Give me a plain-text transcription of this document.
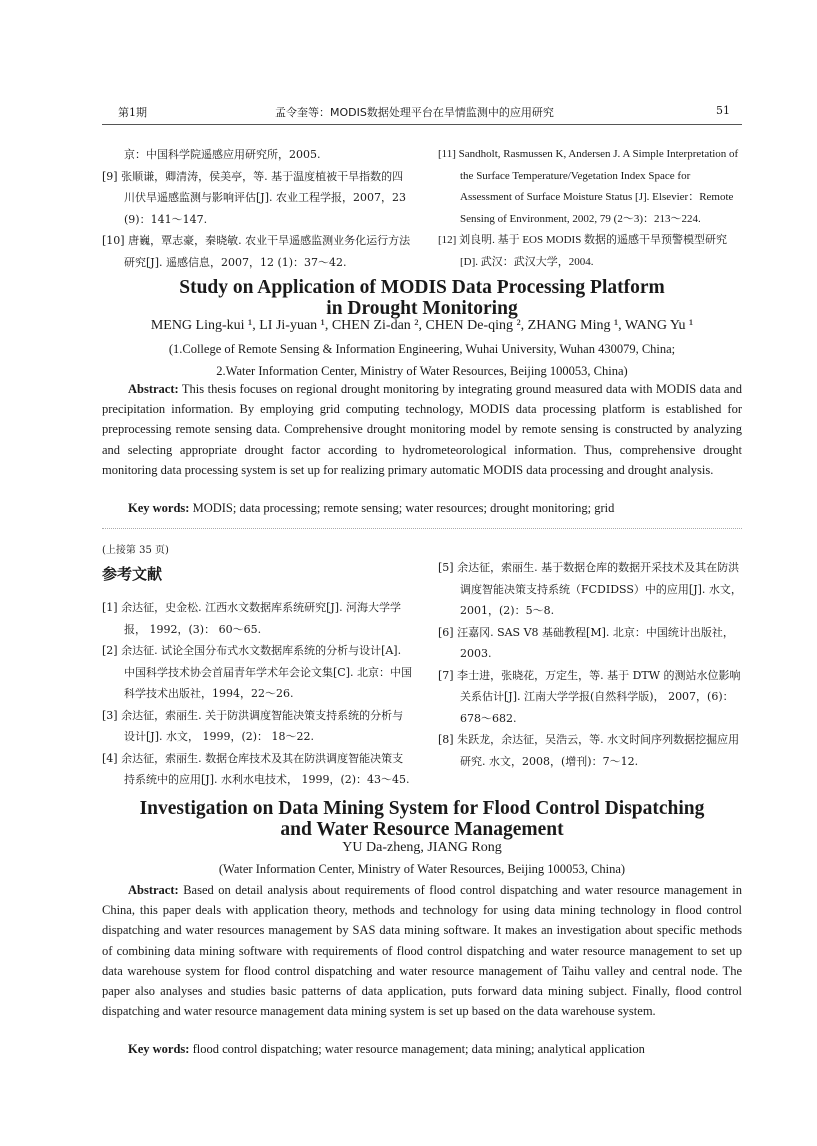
第1期	孟令奎等：MODIS数据处理平台在旱情监测中的应用研究	51

京：中国科学院遥感应用研究所，2005.

[9] 张顺谦，卿清涛，侯美亭，等. 基于温度植被干旱指数的四川伏旱遥感监测与影响评估[J]. 农业工程学报，2007，23 (9)：141～147.

[10] 唐巍，覃志豪，秦晓敏. 农业干旱遥感监测业务化运行方法研究[J]. 遥感信息，2007，12 (1)：37～42.

[11] Sandholt, Rasmussen K, Andersen J. A Simple Interpretation of the Surface Temperature/Vegetation Index Space for Assessment of Surface Moisture Status [J]. Elsevier：Remote Sensing of Environment, 2002, 79 (2～3)：213～224.

[12] 刘良明. 基于 EOS MODIS 数据的遥感干旱预警模型研究[D]. 武汉：武汉大学，2004.

Study on Application of MODIS Data Processing Platform
in Drought Monitoring
MENG Ling-kui ¹, LI Ji-yuan ¹, CHEN Zi-dan ², CHEN De-qing ², ZHANG Ming ¹, WANG Yu ¹
(1.College of Remote Sensing & Information Engineering, Wuhai University, Wuhan 430079, China;
2.Water Information Center, Ministry of Water Resources, Beijing 100053, China)

Abstract: This thesis focuses on regional drought monitoring by integrating ground measured data with MODIS data and precipitation information. By employing grid computing technology, MODIS data processing platform is established for preprocessing remote sensing data. Comprehensive drought monitoring model by remote sensing is constructed by analyzing and selecting appropriate drought factor according to hydrometeorological information. Thus, comprehensive drought monitoring data processing system is set up for realizing primary automatic MODIS data processing and drought analysis.

Key words: MODIS; data processing; remote sensing; water resources; drought monitoring; grid
(上接第 35 页)
参考文献

[1] 余达征，史金松. 江西水文数据库系统研究[J]. 河海大学学报， 1992，(3)： 60～65.

[2] 余达征. 试论全国分布式水文数据库系统的分析与设计[A]. 中国科学技术协会首届青年学术年会论文集[C]. 北京：中国科学技术出版社，1994，22～26.

[3] 余达征，索丽生. 关于防洪调度智能决策支持系统的分析与设计[J]. 水文， 1999，(2)： 18～22.

[4] 余达征，索丽生. 数据仓库技术及其在防洪调度智能决策支持系统中的应用[J]. 水利水电技术， 1999，(2)：43～45.

[5] 余达征，索丽生. 基于数据仓库的数据开采技术及其在防洪调度智能决策支持系统（FCDIDSS）中的应用[J]. 水文，2001，(2)：5～8.

[6] 汪嘉冈. SAS V8 基础教程[M]. 北京：中国统计出版社，2003.

[7] 李士进，张晓花，万定生，等. 基于 DTW 的测站水位影响关系估计[J]. 江南大学学报(自然科学版)， 2007，(6)：678～682.

[8] 朱跃龙，余达征，吴浩云，等. 水文时间序列数据挖掘应用研究. 水文，2008，(增刊)：7～12.

Investigation on Data Mining System for Flood Control Dispatching
and Water Resource Management
YU Da-zheng, JIANG Rong
(Water Information Center, Ministry of Water Resources, Beijing 100053, China)

Abstract: Based on detail analysis about requirements of flood control dispatching and water resource management in China, this paper deals with application theory, methods and technology for using data mining technology in flood control dispatching and water resources management by SAS data mining software. It makes an investigation about specific methods of combining data mining software with requirements of flood control dispatching and water resource management to set up data warehouse system for flood control dispatching and water resource management of Taihu valley and central node. The paper also analyses and studies basic patterns of data application, puts forward data mining subject. Finally, flood control dispatching and water resource management data mining system is set up based on the data warehouse system.

Key words: flood control dispatching; water resource management; data mining; analytical application
